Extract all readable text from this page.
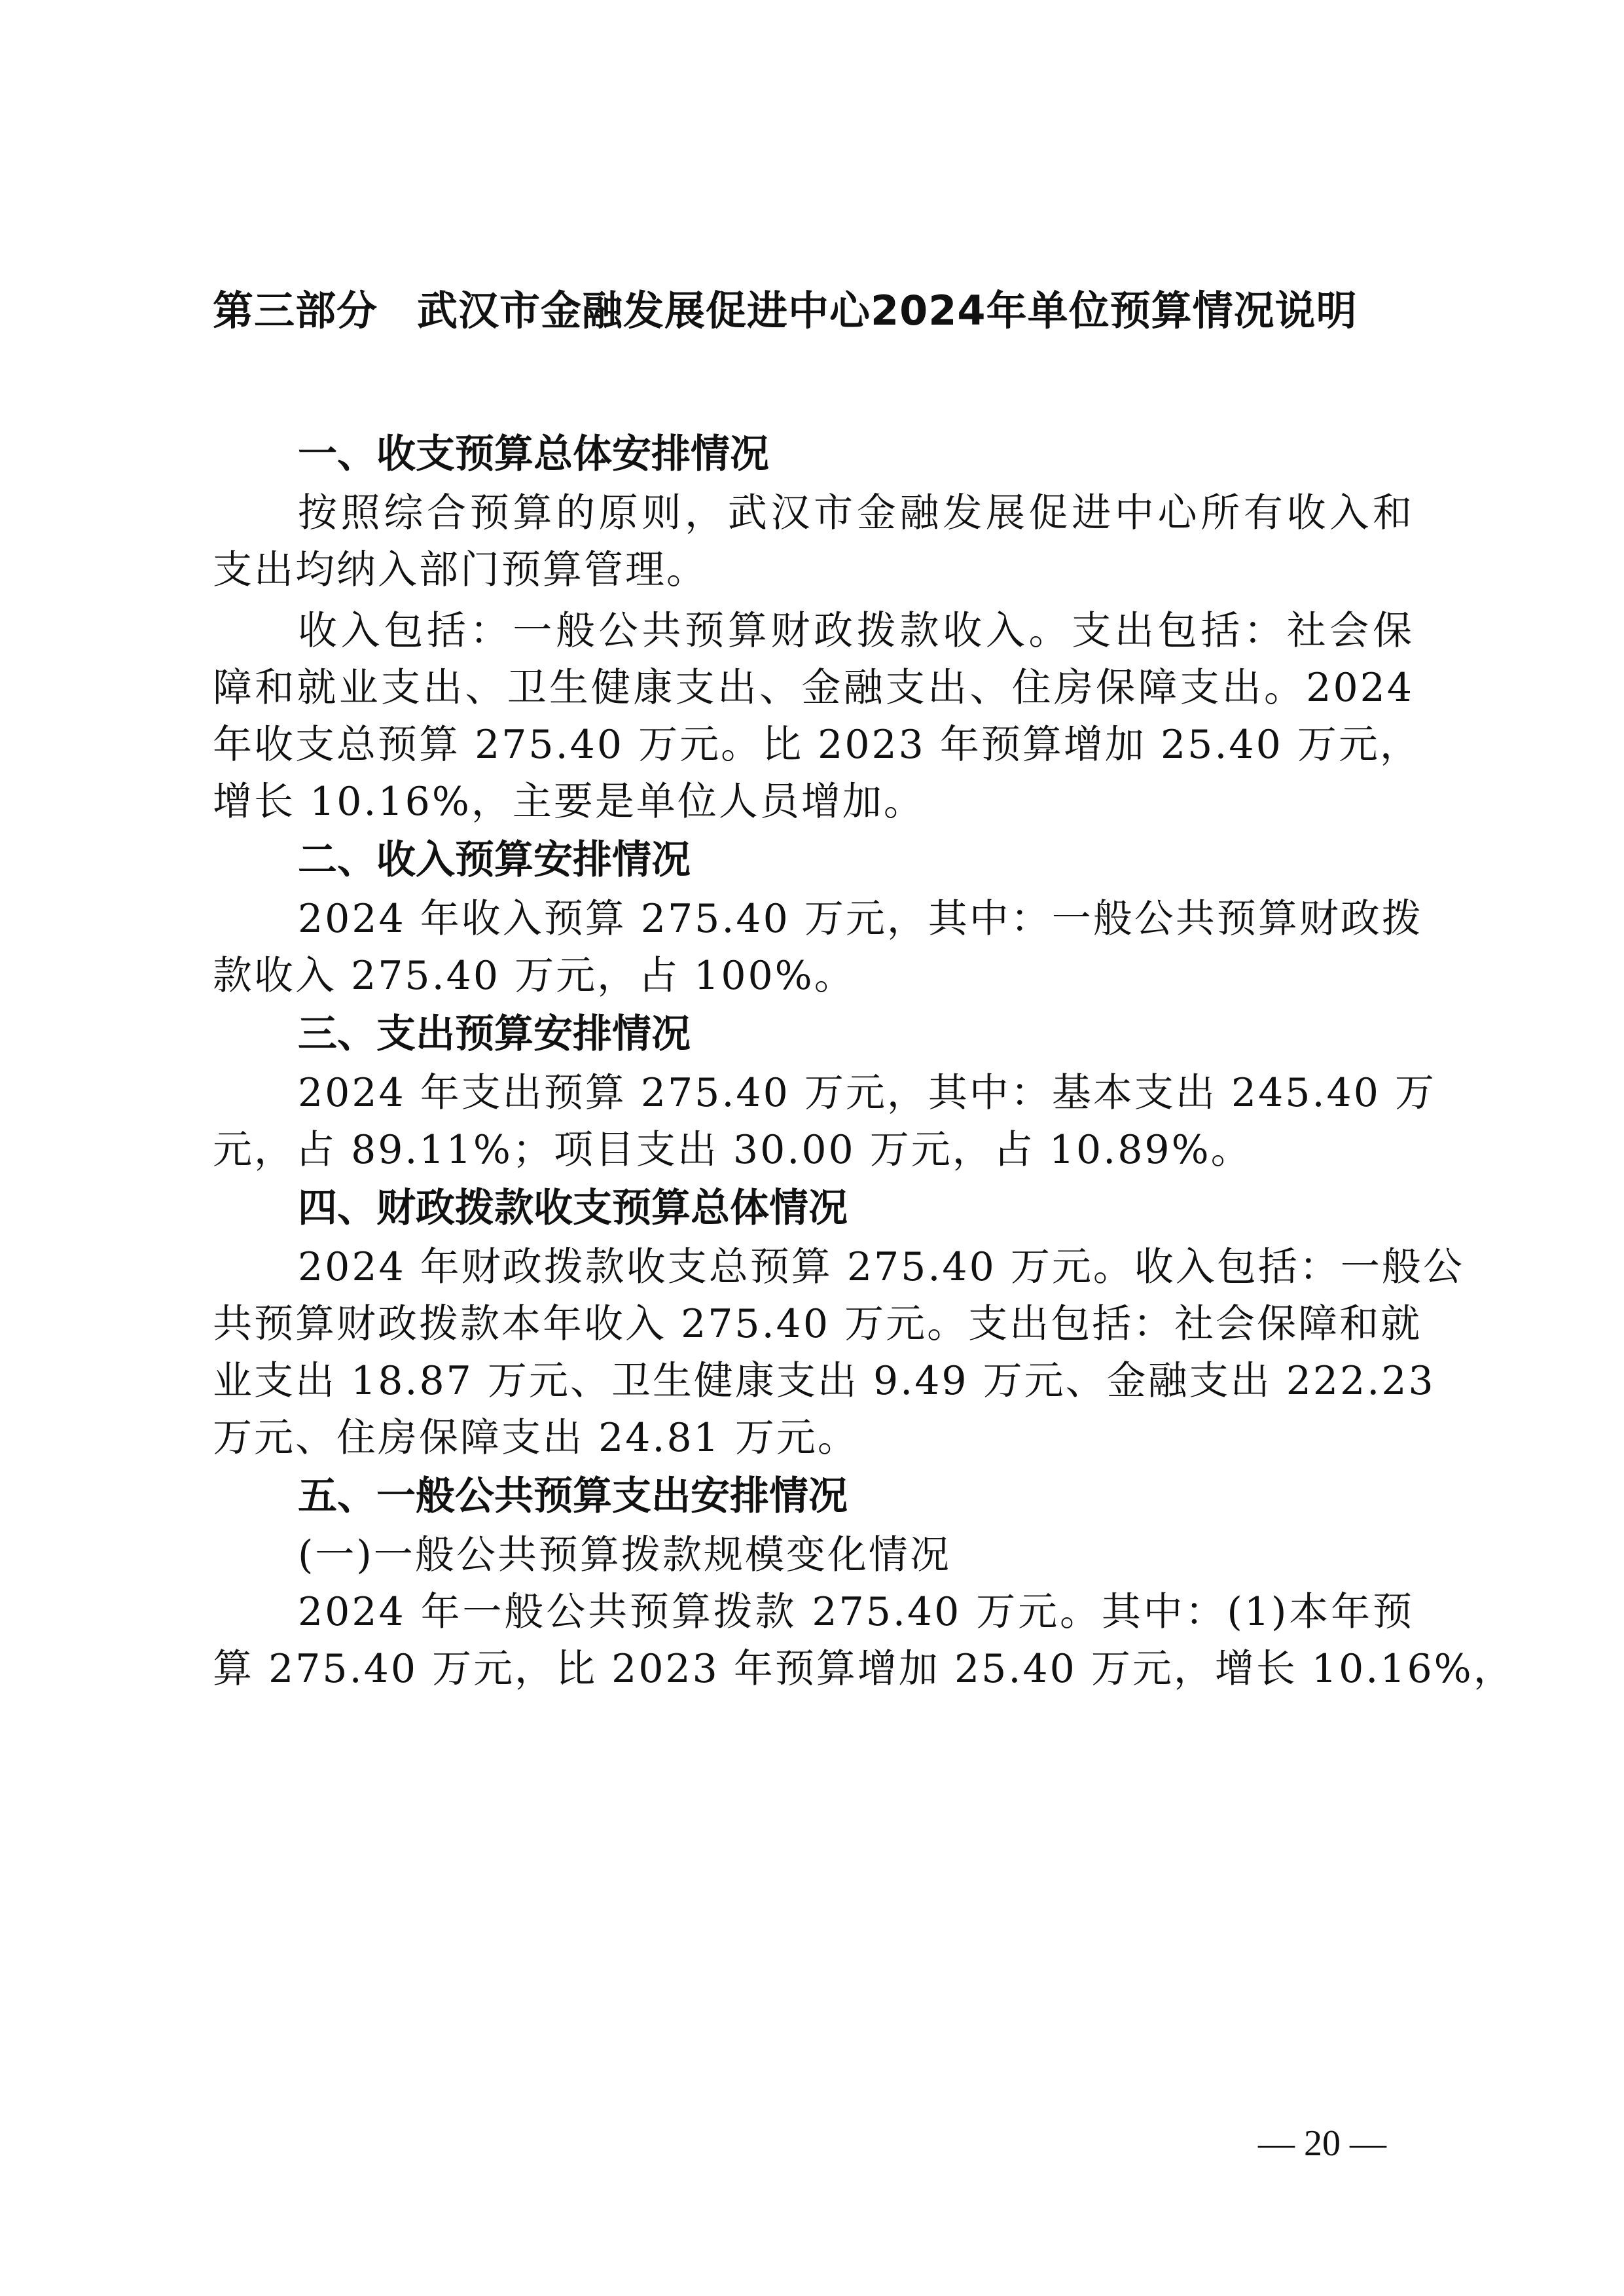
第三部分 武汉市金融发展促进中心2024年单位预算情况说明
一、收支预算总体安排情况
按照综合预算的原则，武汉市金融发展促进中心所有收入和
支出均纳入部门预算管理。
收入包括：一般公共预算财政拨款收入。支出包括：社会保
障和就业支出、卫生健康支出、金融支出、住房保障支出。2024
年收支总预算 275.40 万元。比 2023 年预算增加 25.40 万元，
增长 10.16%，主要是单位人员增加。
二、收入预算安排情况
2024 年收入预算 275.40 万元，其中：一般公共预算财政拨
款收入 275.40 万元，占 100%。
三、支出预算安排情况
2024 年支出预算 275.40 万元，其中：基本支出 245.40 万
元，占 89.11%；项目支出 30.00 万元，占 10.89%。
四、财政拨款收支预算总体情况
2024 年财政拨款收支总预算 275.40 万元。收入包括：一般公
共预算财政拨款本年收入 275.40 万元。支出包括：社会保障和就
业支出 18.87 万元、卫生健康支出 9.49 万元、金融支出 222.23
万元、住房保障支出 24.81 万元。
五、一般公共预算支出安排情况
(一)一般公共预算拨款规模变化情况
2024 年一般公共预算拨款 275.40 万元。其中：(1)本年预
算 275.40 万元，比 2023 年预算增加 25.40 万元，增长 10.16%，
— 20 —
